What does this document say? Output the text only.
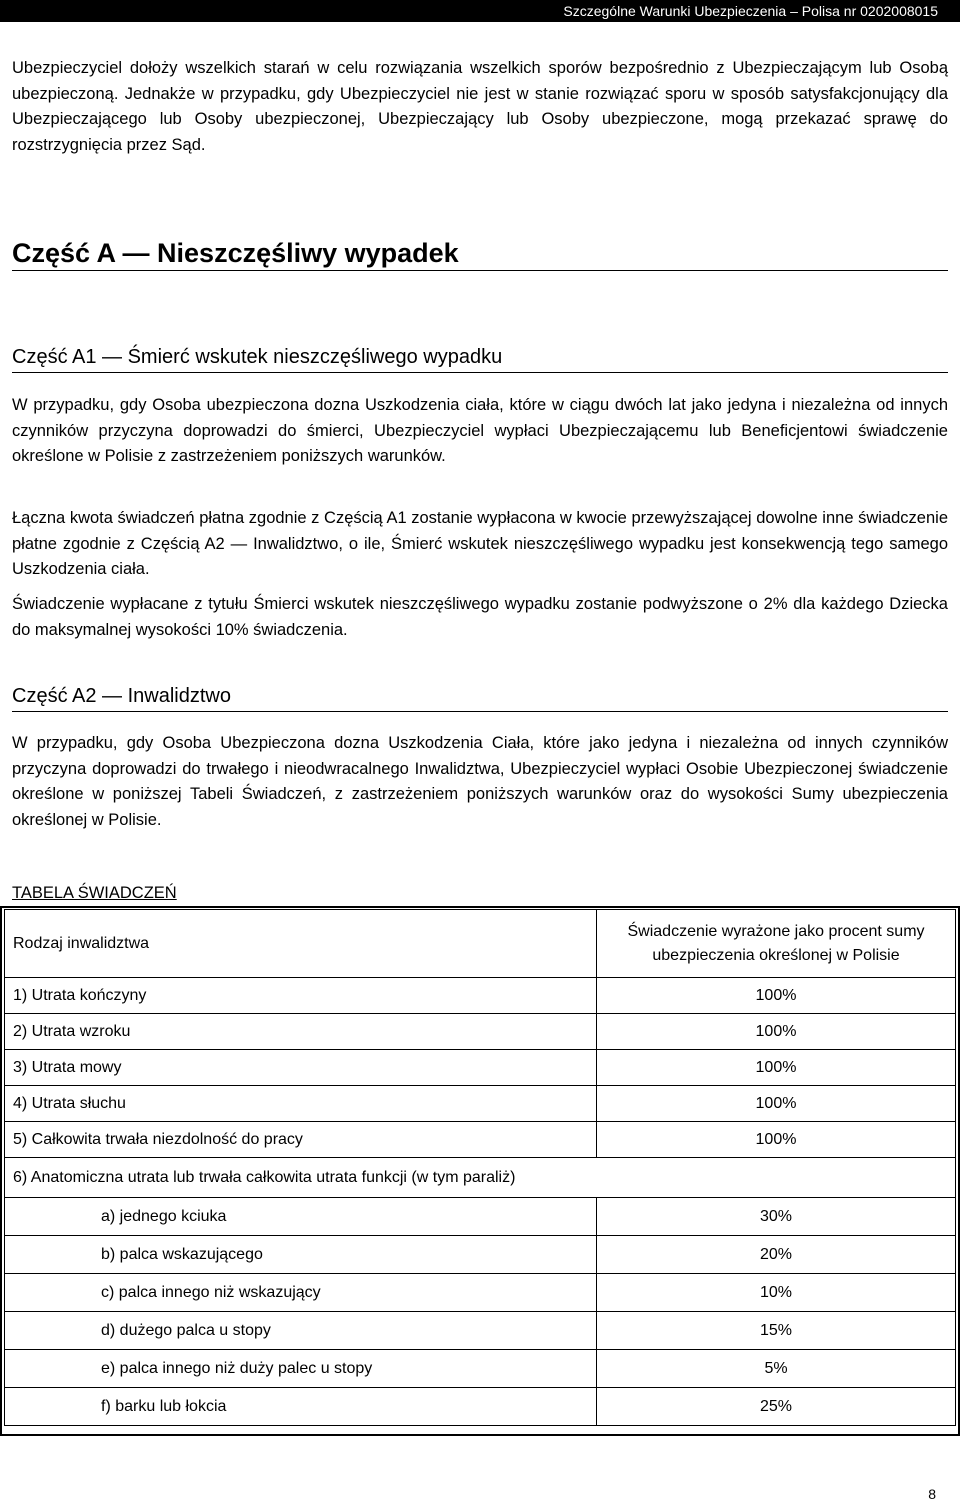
Szczególne Warunki Ubezpieczenia – Polisa nr 0202008015

Ubezpieczyciel dołoży wszelkich starań w celu rozwiązania wszelkich sporów bezpośrednio z Ubezpieczającym lub Osobą ubezpieczoną. Jednakże w przypadku, gdy Ubezpieczyciel nie jest w stanie rozwiązać sporu w sposób satysfakcjonujący dla Ubezpieczającego lub Osoby ubezpieczonej, Ubezpieczający lub Osoby ubezpieczone, mogą przekazać sprawę do rozstrzygnięcia przez Sąd.

Część A — Nieszczęśliwy wypadek
Część A1 — Śmierć wskutek nieszczęśliwego wypadku

W przypadku, gdy Osoba ubezpieczona dozna Uszkodzenia ciała, które w ciągu dwóch lat jako jedyna i niezależna od innych czynników przyczyna doprowadzi do śmierci, Ubezpieczyciel wypłaci Ubezpieczającemu lub Beneficjentowi świadczenie określone w Polisie z zastrzeżeniem poniższych warunków.

Łączna kwota świadczeń płatna zgodnie z Częścią A1 zostanie wypłacona w kwocie przewyższającej dowolne inne świadczenie płatne zgodnie z Częścią A2 — Inwalidztwo, o ile, Śmierć wskutek nieszczęśliwego wypadku jest konsekwencją tego samego Uszkodzenia ciała.

Świadczenie wypłacane z tytułu Śmierci wskutek nieszczęśliwego wypadku zostanie podwyższone o 2% dla każdego Dziecka do maksymalnej wysokości 10% świadczenia.

Część A2 — Inwalidztwo

W przypadku, gdy Osoba Ubezpieczona dozna Uszkodzenia Ciała, które jako jedyna i niezależna od innych czynników przyczyna doprowadzi do trwałego i nieodwracalnego Inwalidztwa, Ubezpieczyciel wypłaci Osobie Ubezpieczonej świadczenie określone w poniższej Tabeli Świadczeń, z zastrzeżeniem poniższych warunków oraz do wysokości Sumy ubezpieczenia określonej w Polisie.

TABELA ŚWIADCZEŃ
Rodzaj inwalidztwa	Świadczenie wyrażone jako procent sumy
ubezpieczenia określonej w Polisie
1) Utrata kończyny	100%
2) Utrata wzroku	100%
3) Utrata mowy	100%
4) Utrata słuchu	100%
5) Całkowita trwała niezdolność do pracy	100%
6) Anatomiczna utrata lub trwała całkowita utrata funkcji (w tym paraliż)	
a) jednego kciuka	30%
b) palca wskazującego	20%
c) palca innego niż wskazujący	10%
d) dużego palca u stopy	15%
e) palca innego niż duży palec u stopy	5%
f) barku lub łokcia	25%
8
